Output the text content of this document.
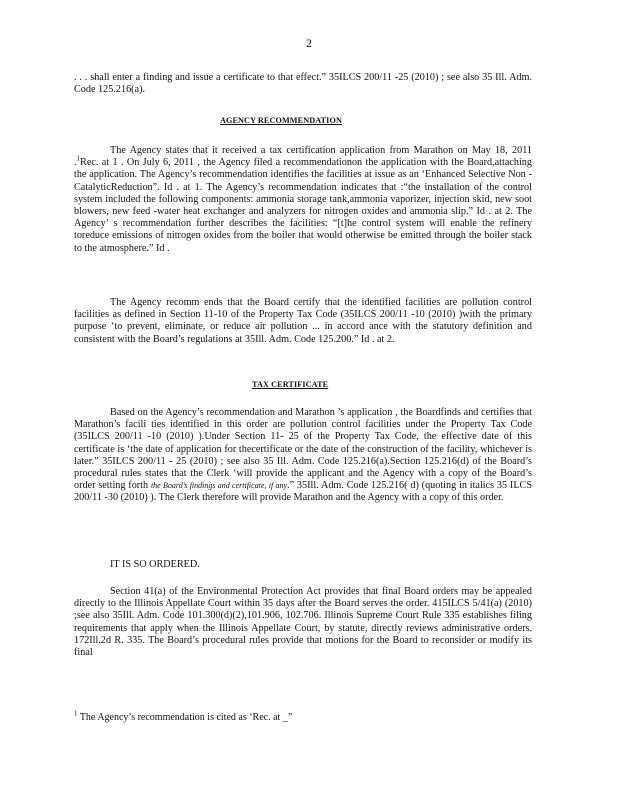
2

. . . shall enter a finding and issue a certificate to that effect.” 35ILCS 200/11 -25 (2010) ; see also 35 Ill. Adm. Code 125.216(a).

AGENCY RECOMMENDATION

The Agency states that it received a tax certification application from Marathon on May 18, 2011 .$^1$Rec. at 1 . On July 6, 2011 , the Agency filed a recommendationon the application with the Board,attaching the application. The Agency’s recommendation identifies the facilities at issue as an ‘Enhanced Selective Non - CatalyticReduction”. Id . at 1. The Agency’s recommendation indicates that :“the installation of the control system included the following components: ammonia storage tank,ammonia vaporizer, injection skid, new soot blowers, new feed -water heat exchanger and analyzers for nitrogen oxides and ammonia slip.” Id . at 2. The Agency’ s recommendation further describes the facilities: “[t]he control system will enable the refinery toreduce emissions of nitrogen oxides from the boiler that would otherwise be emitted through the boiler stack to the atmosphere.” Id .

The Agency recomm ends that the Board certify that the identified facilities are pollution control facilities as defined in Section 11-10 of the Property Tax Code (35ILCS 200/11 -10 (2010) )with the primary purpose ‘to prevent, eliminate, or reduce air pollution ... in accord ance with the statutory definition and consistent with the Board’s regulations at 35Ill. Adm. Code 125.200.” Id . at 2.

TAX CERTIFICATE

Based on the Agency’s recommendation and Marathon ’s application , the Boardfinds and certifies that Marathon’s facili ties identified in this order are pollution control facilities under the Property Tax Code (35ILCS 200/11 -10 (2010) ).Under Section 11- 25 of the Property Tax Code, the effective date of this certificate is ‘the date of application for thecertificate or the date of the construction of the facility, whichever is later.” 35ILCS 200/11 - 25 (2010) ; see also 35 Ill. Adm. Code 125.216(a).Section 125.216(d) of the Board’s procedural rules states that the Clerk ‘will provide the applicant and the Agency with a copy of the Board’s order setting forth the Board’s findings and certificate, if any.” 35Ill. Adm. Code 125.216( d) (quoting in italics 35 ILCS 200/11 -30 (2010) ). The Clerk therefore will provide Marathon and the Agency with a copy of this order.

IT IS SO ORDERED.

Section 41(a) of the Environmental Protection Act provides that final Board orders may be appealed directly to the Illinois Appellate Court within 35 days after the Board serves the order. 415ILCS 5/41(a) (2010) ;see also 35Ill. Adm. Code 101.300(d)(2),101.906, 102.706. Illinois Supreme Court Rule 335 establishes filing requirements that apply when the Illinois Appellate Court, by statute, directly reviews administrative orders. 172Ill.2d R. 335. The Board’s procedural rules provide that motions for the Board to reconsider or modify its final

$^1$ The Agency’s recommendation is cited as ‘Rec. at _”
